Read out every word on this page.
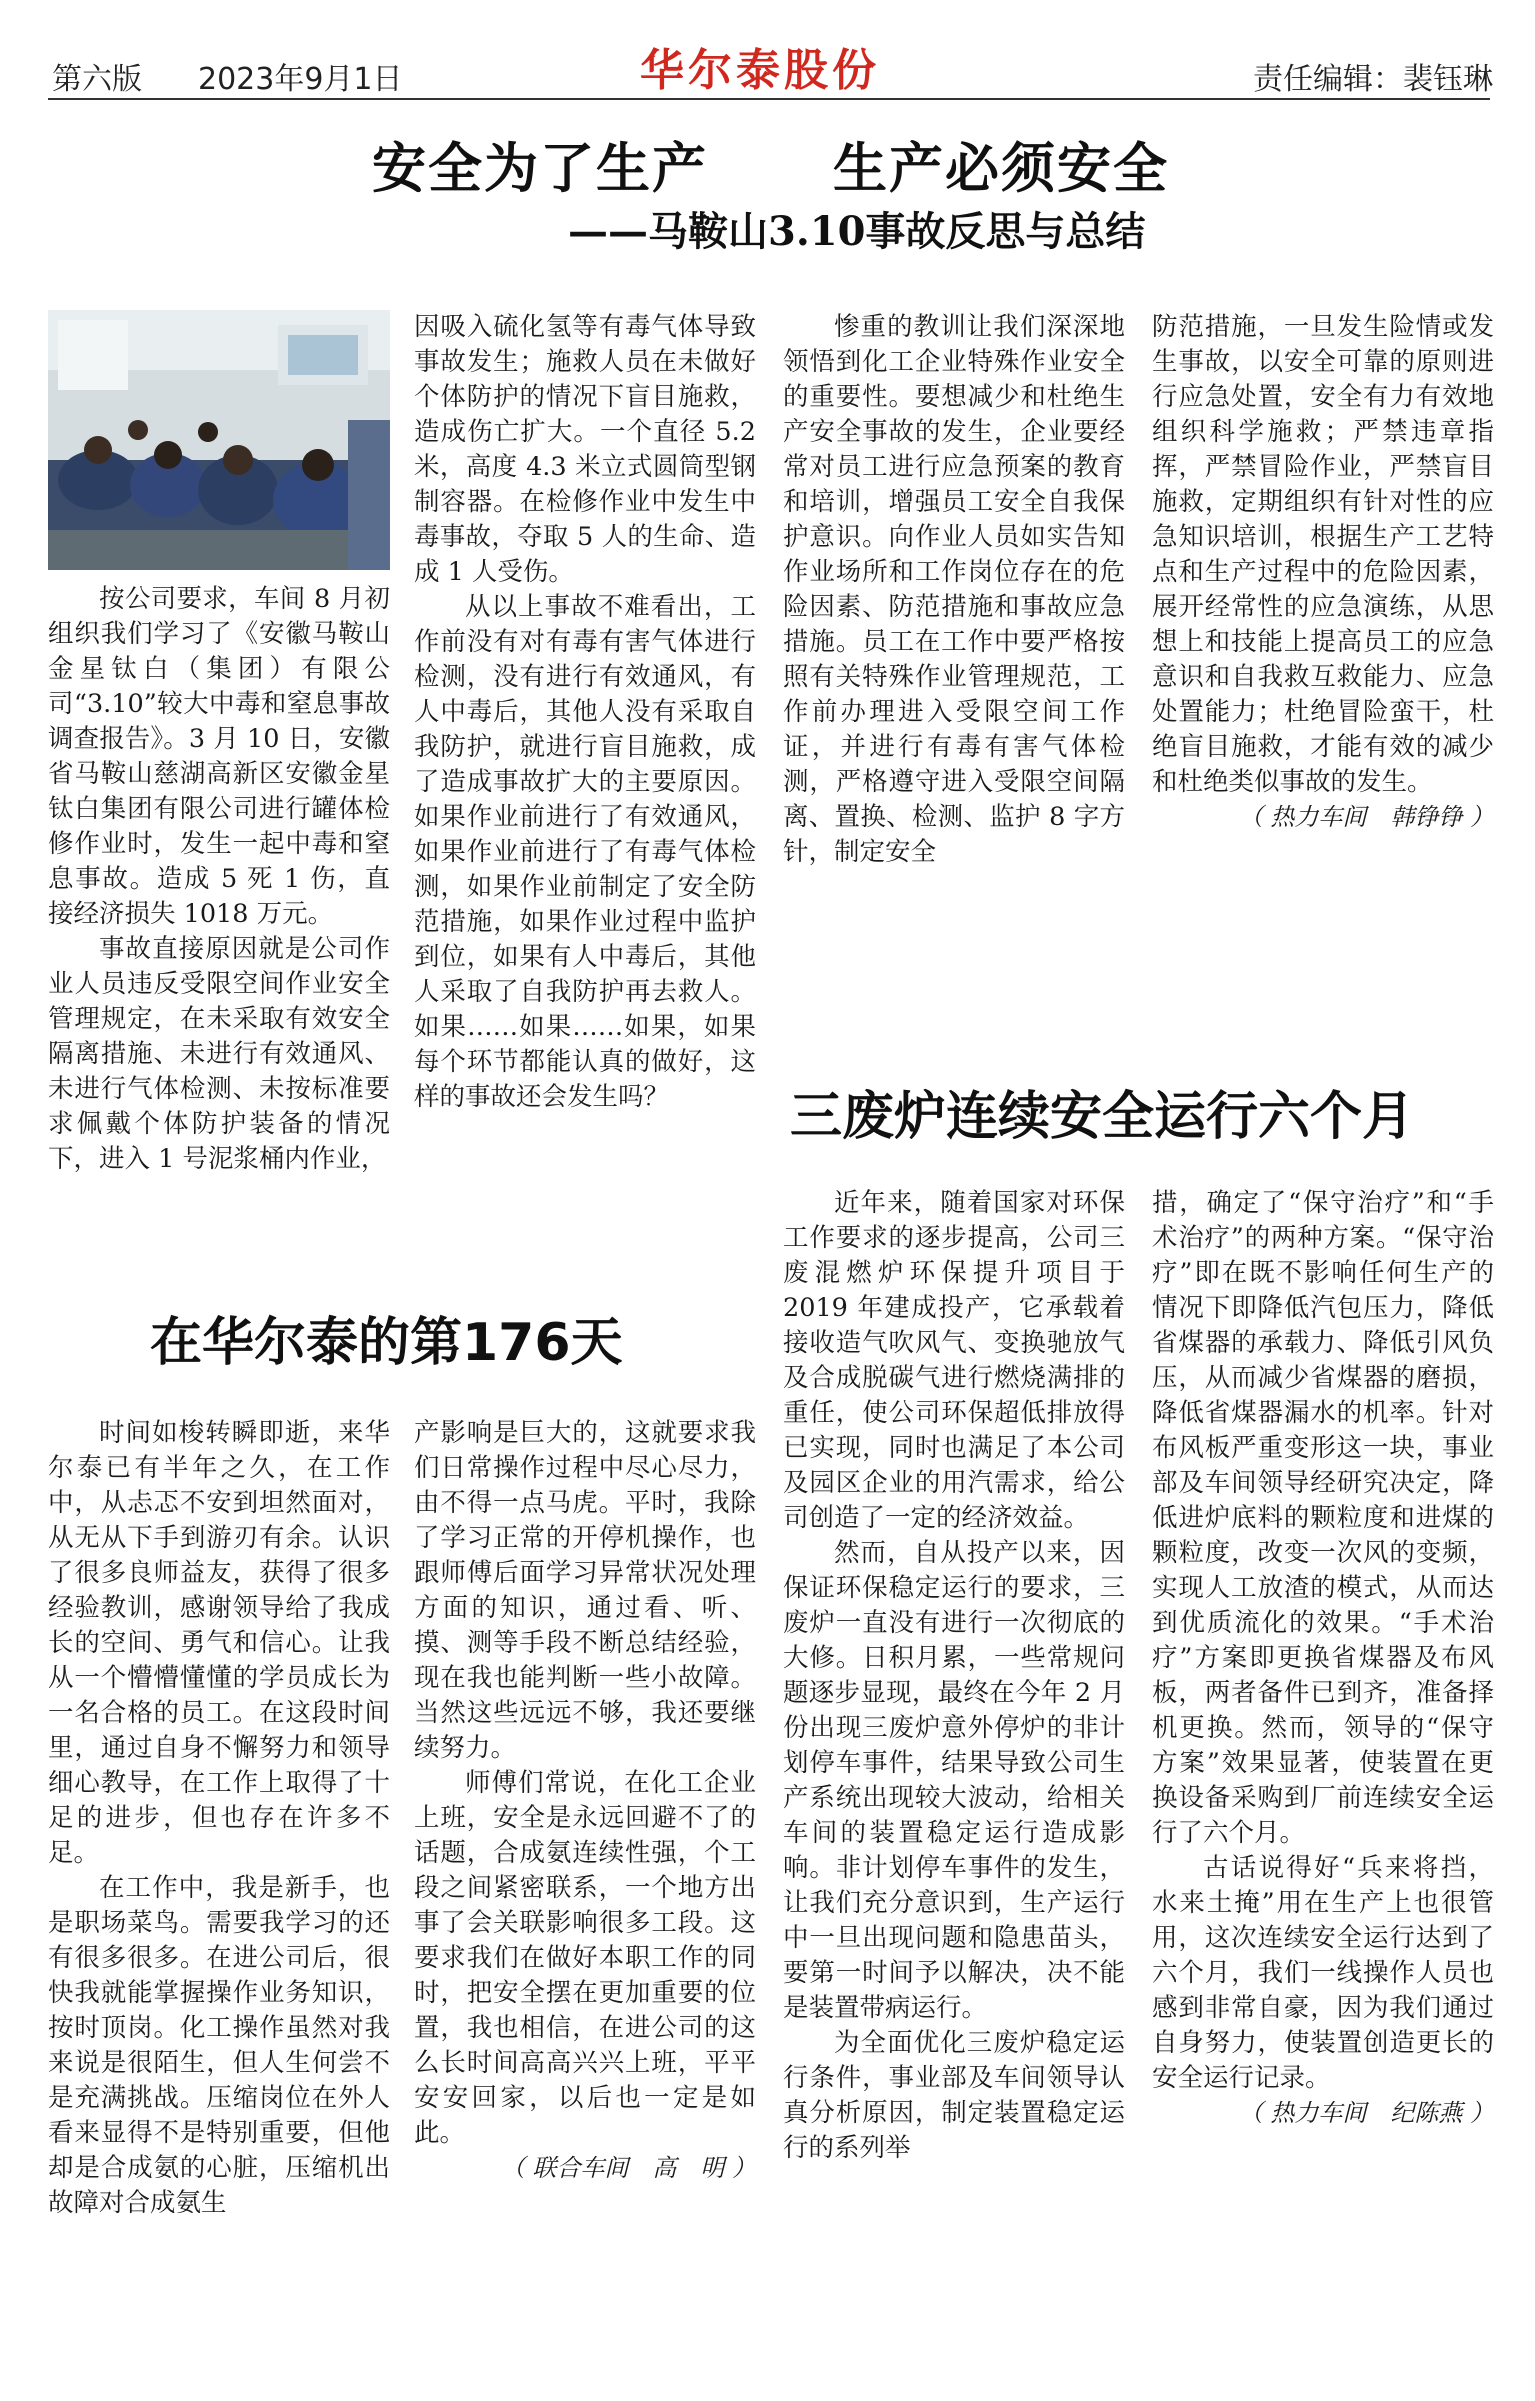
第六版 2023年9月1日	华尔泰股份	责任编辑：裴钰琳
安全为了生产 生产必须安全
——马鞍山3.10事故反思与总结

按公司要求，车间 8 月初组织我们学习了《安徽马鞍山金星钛白（集团）有限公司“3.10”较大中毒和窒息事故调查报告》。3 月 10 日，安徽省马鞍山慈湖高新区安徽金星钛白集团有限公司进行罐体检修作业时，发生一起中毒和窒息事故。造成 5 死 1 伤，直接经济损失 1018 万元。

事故直接原因就是公司作业人员违反受限空间作业安全管理规定，在未采取有效安全隔离措施、未进行有效通风、未进行气体检测、未按标准要求佩戴个体防护装备的情况下，进入 1 号泥浆桶内作业，

因吸入硫化氢等有毒气体导致事故发生；施救人员在未做好个体防护的情况下盲目施救，造成伤亡扩大。一个直径 5.2 米，高度 4.3 米立式圆筒型钢制容器。在检修作业中发生中毒事故，夺取 5 人的生命、造成 1 人受伤。

从以上事故不难看出，工作前没有对有毒有害气体进行检测，没有进行有效通风，有人中毒后，其他人没有采取自我防护，就进行盲目施救，成了造成事故扩大的主要原因。如果作业前进行了有效通风，如果作业前进行了有毒气体检测，如果作业前制定了安全防范措施，如果作业过程中监护到位，如果有人中毒后，其他人采取了自我防护再去救人。如果……如果……如果，如果每个环节都能认真的做好，这样的事故还会发生吗？

惨重的教训让我们深深地领悟到化工企业特殊作业安全的重要性。要想减少和杜绝生产安全事故的发生，企业要经常对员工进行应急预案的教育和培训，增强员工安全自我保护意识。向作业人员如实告知作业场所和工作岗位存在的危险因素、防范措施和事故应急措施。员工在工作中要严格按照有关特殊作业管理规范，工作前办理进入受限空间工作证，并进行有毒有害气体检测，严格遵守进入受限空间隔离、置换、检测、监护 8 字方针，制定安全

防范措施，一旦发生险情或发生事故，以安全可靠的原则进行应急处置，安全有力有效地组织科学施救；严禁违章指挥，严禁冒险作业，严禁盲目施救，定期组织有针对性的应急知识培训，根据生产工艺特点和生产过程中的危险因素，展开经常性的应急演练，从思想上和技能上提高员工的应急意识和自我救互救能力、应急处置能力；杜绝冒险蛮干，杜绝盲目施救，才能有效的减少和杜绝类似事故的发生。

（ 热力车间　韩铮铮 ）

三废炉连续安全运行六个月
在华尔泰的第176天

时间如梭转瞬即逝，来华尔泰已有半年之久，在工作中，从忐忑不安到坦然面对，从无从下手到游刃有余。认识了很多良师益友，获得了很多经验教训，感谢领导给了我成长的空间、勇气和信心。让我从一个懵懵懂懂的学员成长为一名合格的员工。在这段时间里，通过自身不懈努力和领导细心教导，在工作上取得了十足的进步，但也存在许多不足。

在工作中，我是新手，也是职场菜鸟。需要我学习的还有很多很多。在进公司后，很快我就能掌握操作业务知识，按时顶岗。化工操作虽然对我来说是很陌生，但人生何尝不是充满挑战。压缩岗位在外人看来显得不是特别重要，但他却是合成氨的心脏，压缩机出故障对合成氨生

产影响是巨大的，这就要求我们日常操作过程中尽心尽力，由不得一点马虎。平时，我除了学习正常的开停机操作，也跟师傅后面学习异常状况处理方面的知识，通过看、听、摸、测等手段不断总结经验，现在我也能判断一些小故障。当然这些远远不够，我还要继续努力。

师傅们常说，在化工企业上班，安全是永远回避不了的话题，合成氨连续性强，个工段之间紧密联系，一个地方出事了会关联影响很多工段。这要求我们在做好本职工作的同时，把安全摆在更加重要的位置，我也相信，在进公司的这么长时间高高兴兴上班，平平安安回家，以后也一定是如此。

（ 联合车间　高　明 ）

近年来，随着国家对环保工作要求的逐步提高，公司三废混燃炉环保提升项目于 2019 年建成投产，它承载着接收造气吹风气、变换驰放气及合成脱碳气进行燃烧满排的重任，使公司环保超低排放得已实现，同时也满足了本公司及园区企业的用汽需求，给公司创造了一定的经济效益。

然而，自从投产以来，因保证环保稳定运行的要求，三废炉一直没有进行一次彻底的大修。日积月累，一些常规问题逐步显现，最终在今年 2 月份出现三废炉意外停炉的非计划停车事件，结果导致公司生产系统出现较大波动，给相关车间的装置稳定运行造成影响。非计划停车事件的发生，让我们充分意识到，生产运行中一旦出现问题和隐患苗头，要第一时间予以解决，决不能是装置带病运行。

为全面优化三废炉稳定运行条件，事业部及车间领导认真分析原因，制定装置稳定运行的系列举

措，确定了“保守治疗”和“手术治疗”的两种方案。“保守治疗”即在既不影响任何生产的情况下即降低汽包压力，降低省煤器的承载力、降低引风负压，从而减少省煤器的磨损，降低省煤器漏水的机率。针对布风板严重变形这一块，事业部及车间领导经研究决定，降低进炉底料的颗粒度和进煤的颗粒度，改变一次风的变频，实现人工放渣的模式，从而达到优质流化的效果。“手术治疗”方案即更换省煤器及布风板，两者备件已到齐，准备择机更换。然而，领导的“保守方案”效果显著，使装置在更换设备采购到厂前连续安全运行了六个月。

古话说得好“兵来将挡，水来土掩”用在生产上也很管用，这次连续安全运行达到了六个月，我们一线操作人员也感到非常自豪，因为我们通过自身努力，使装置创造更长的安全运行记录。

（ 热力车间　纪陈燕 ）
